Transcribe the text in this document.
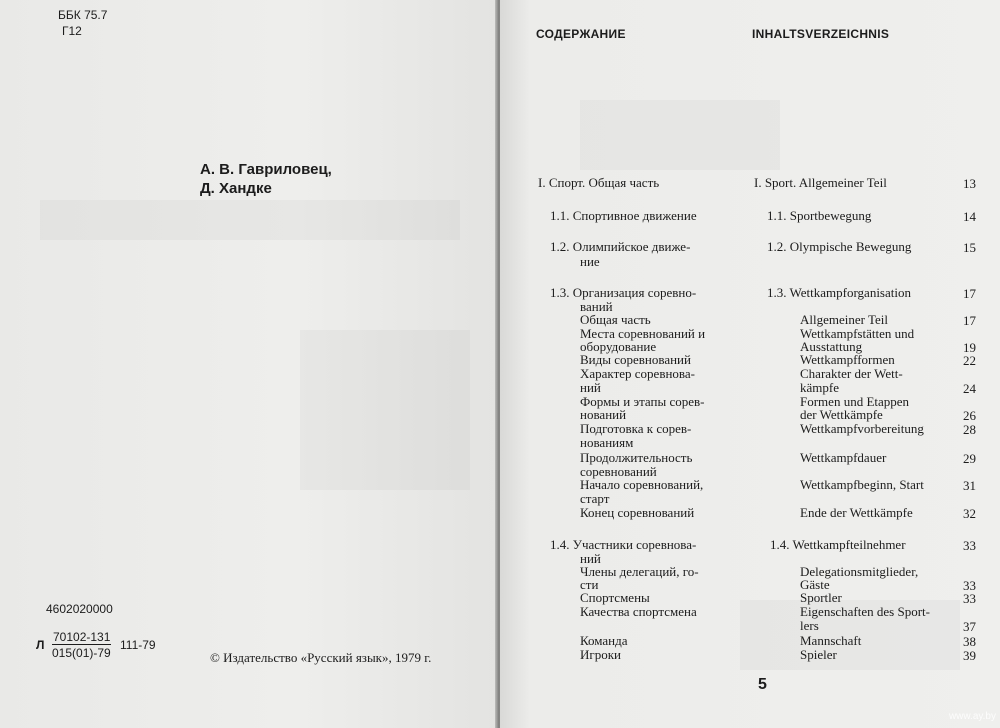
ББК 75.7
Г12
А. В. Гавриловец,
Д. Хандке
4602020000
Л
70102-131
015(01)-79
111-79
© Издательство «Русский язык», 1979 г.
СОДЕРЖАНИЕ	INHALTSVERZEICHNIS
I. Спорт. Общая часть	I. Sport. Allgemeiner Teil	13
1.1. Спортивное движение	1.1. Sportbewegung	14
1.2. Олимпийское движе-	1.2. Olympische Bewegung	15
ние
1.3. Организация соревно-	1.3. Wettkampforganisation	17
ваний
Общая часть	Allgemeiner Teil	17
Места соревнований и	Wettkampfstätten und
оборудование	Ausstattung	19
Виды соревнований	Wettkampfformen	22
Характер соревнова-	Charakter der Wett-
ний	kämpfe	24
Формы и этапы сорев-	Formen und Etappen
нований	der Wettkämpfe	26
Подготовка к сорев-	Wettkampfvorbereitung	28
нованиям
Продолжительность	Wettkampfdauer	29
соревнований
Начало соревнований,	Wettkampfbeginn, Start	31
старт
Конец соревнований	Ende der Wettkämpfe	32
1.4. Участники соревнова-	1.4. Wettkampfteilnehmer	33
ний
Члены делегаций, го-	Delegationsmitglieder,
сти	Gäste	33
Спортсмены	Sportler	33
Качества спортсмена	Eigenschaften des Sport-
lers	37
Команда	Mannschaft	38
Игроки	Spieler	39
5
www.ay.by
